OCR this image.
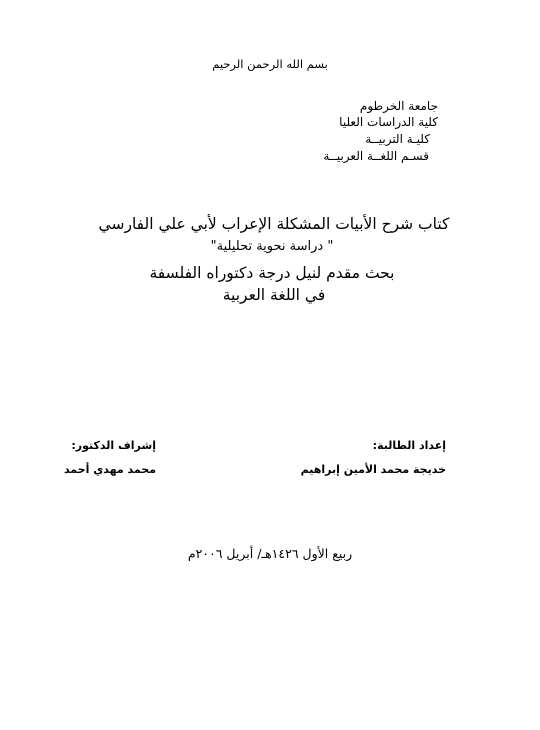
بسم الله الرحمن الرحيم
جامعة الخرطوم
كلية الدراسات العليا
كليـة التربيــة
قسـم اللغــة العربيــة
كتاب شرح الأبيات المشكلة الإعراب لأبي علي الفارسي
" دراسة نحوية تحليلية"
بحث مقدم لنيل درجة دكتوراه الفلسفة
في اللغة العربية
إعداد الطالبة:
خديجة محمد الأمين إبراهيم
إشراف الدكتور:
محمد مهدي أحمد
ربيع الأول ١٤٢٦هـ/ أبريل ٢٠٠٦م
